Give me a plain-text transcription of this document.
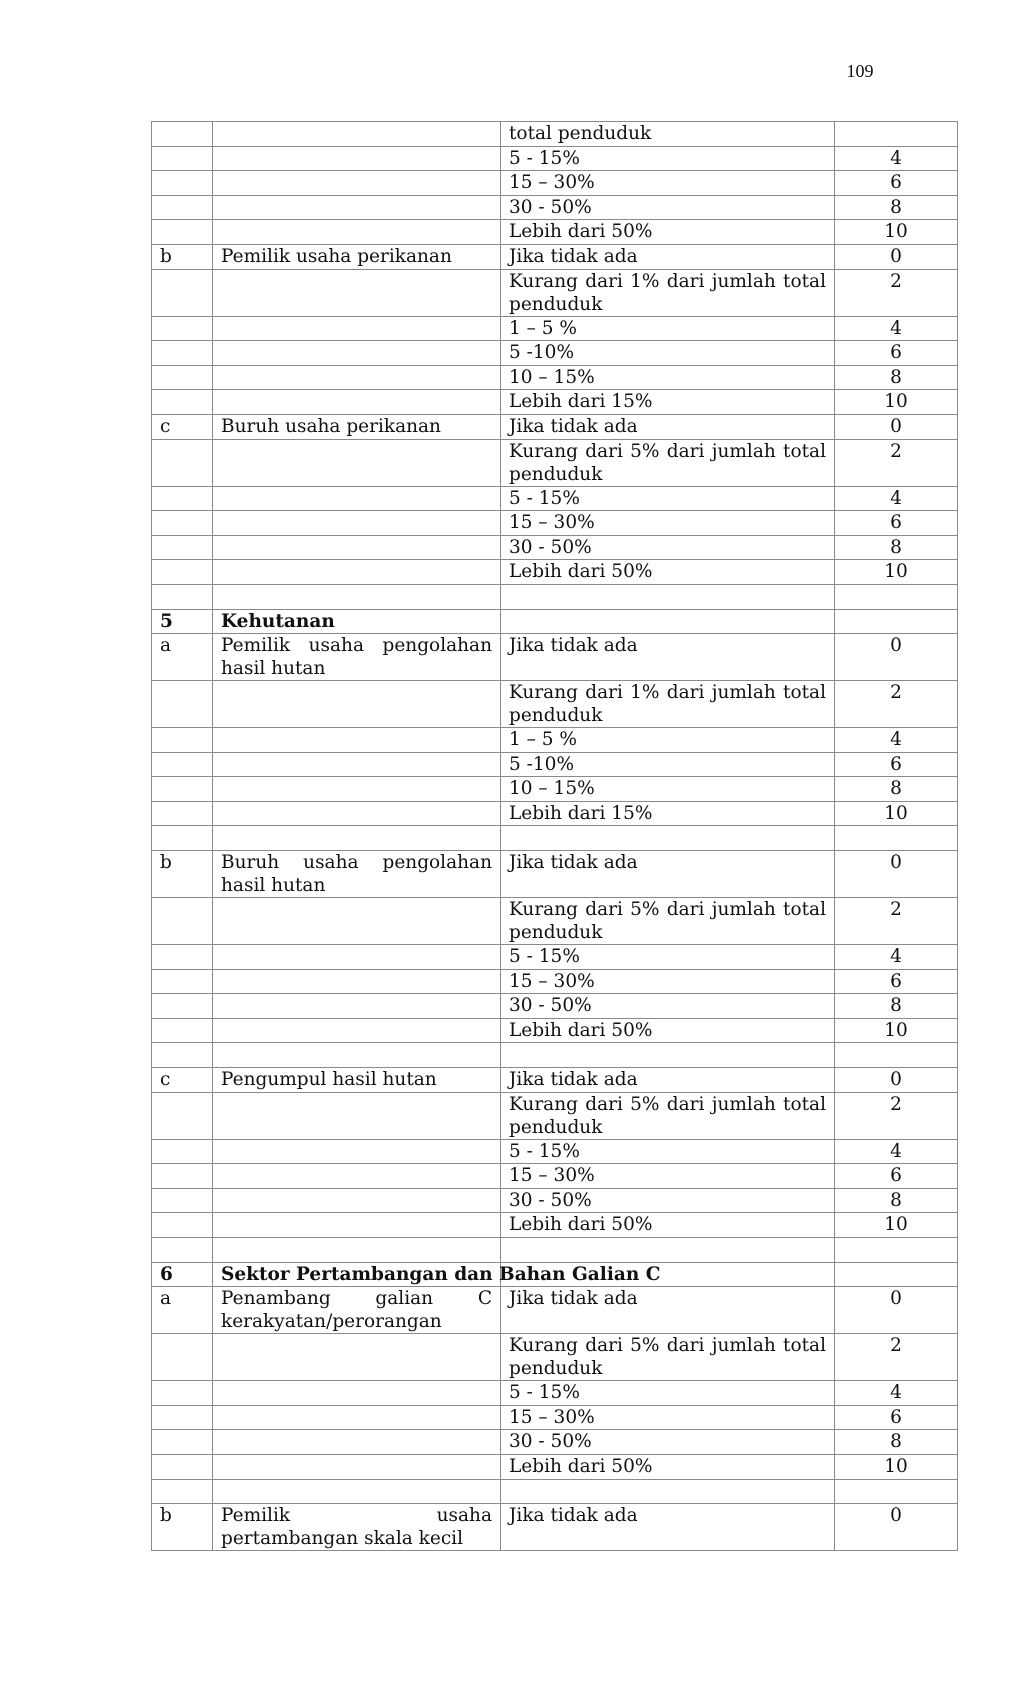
109
		total penduduk	
		5 - 15%	4
		15 – 30%	6
		30 - 50%	8
		Lebih dari 50%	10
b	Pemilik usaha perikanan	Jika tidak ada	0
		Kurang dari 1% dari jumlah total penduduk	2
		1 – 5 %	4
		5 -10%	6
		10 – 15%	8
		Lebih dari 15%	10
c	Buruh usaha perikanan	Jika tidak ada	0
		Kurang dari 5% dari jumlah total penduduk	2
		5 - 15%	4
		15 – 30%	6
		30 - 50%	8
		Lebih dari 50%	10

5	Kehutanan		
a	Pemilik usaha pengolahan hasil hutan	Jika tidak ada	0
		Kurang dari 1% dari jumlah total penduduk	2
		1 – 5 %	4
		5 -10%	6
		10 – 15%	8
		Lebih dari 15%	10

b	Buruh usaha pengolahan hasil hutan	Jika tidak ada	0
		Kurang dari 5% dari jumlah total penduduk	2
		5 - 15%	4
		15 – 30%	6
		30 - 50%	8
		Lebih dari 50%	10

c	Pengumpul hasil hutan	Jika tidak ada	0
		Kurang dari 5% dari jumlah total penduduk	2
		5 - 15%	4
		15 – 30%	6
		30 - 50%	8
		Lebih dari 50%	10

6	Sektor Pertambangan dan Bahan Galian C		
a	Penambang galian C kerakyatan/perorangan	Jika tidak ada	0
		Kurang dari 5% dari jumlah total penduduk	2
		5 - 15%	4
		15 – 30%	6
		30 - 50%	8
		Lebih dari 50%	10

b	Pemilik usaha pertambangan skala kecil	Jika tidak ada	0
